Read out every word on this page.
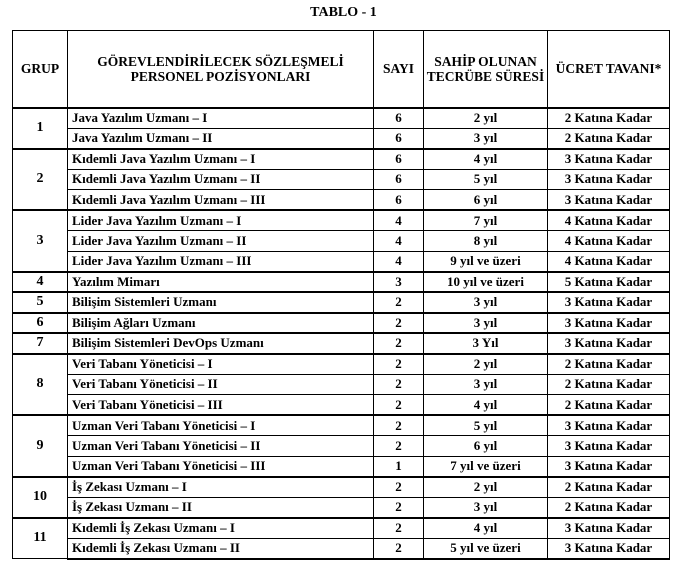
TABLO - 1
GRUP	GÖREVLENDİRİLECEK SÖZLEŞMELİ PERSONEL POZİSYONLARI	SAYI	SAHİP OLUNAN TECRÜBE SÜRESİ	ÜCRET TAVANI*
1	Java Yazılım Uzmanı – I	6	2 yıl	2 Katına Kadar
	Java Yazılım Uzmanı – II	6	3 yıl	2 Katına Kadar
2	Kıdemli Java Yazılım Uzmanı – I	6	4 yıl	3 Katına Kadar
	Kıdemli Java Yazılım Uzmanı – II	6	5 yıl	3 Katına Kadar
	Kıdemli Java Yazılım Uzmanı – III	6	6 yıl	3 Katına Kadar
3	Lider Java Yazılım Uzmanı – I	4	7 yıl	4 Katına Kadar
	Lider Java Yazılım Uzmanı – II	4	8 yıl	4 Katına Kadar
	Lider Java Yazılım Uzmanı – III	4	9 yıl ve üzeri	4 Katına Kadar
4	Yazılım Mimarı	3	10 yıl ve üzeri	5 Katına Kadar
5	Bilişim Sistemleri Uzmanı	2	3 yıl	3 Katına Kadar
6	Bilişim Ağları Uzmanı	2	3 yıl	3 Katına Kadar
7	Bilişim Sistemleri DevOps Uzmanı	2	3 Yıl	3 Katına Kadar
8	Veri Tabanı Yöneticisi – I	2	2 yıl	2 Katına Kadar
	Veri Tabanı Yöneticisi – II	2	3 yıl	2 Katına Kadar
	Veri Tabanı Yöneticisi – III	2	4 yıl	2 Katına Kadar
9	Uzman Veri Tabanı Yöneticisi – I	2	5 yıl	3 Katına Kadar
	Uzman Veri Tabanı Yöneticisi – II	2	6 yıl	3 Katına Kadar
	Uzman Veri Tabanı Yöneticisi – III	1	7 yıl ve üzeri	3 Katına Kadar
10	İş Zekası Uzmanı – I	2	2 yıl	2 Katına Kadar
	İş Zekası Uzmanı – II	2	3 yıl	2 Katına Kadar
11	Kıdemli İş Zekası Uzmanı – I	2	4 yıl	3 Katına Kadar
	Kıdemli İş Zekası Uzmanı – II	2	5 yıl ve üzeri	3 Katına Kadar
